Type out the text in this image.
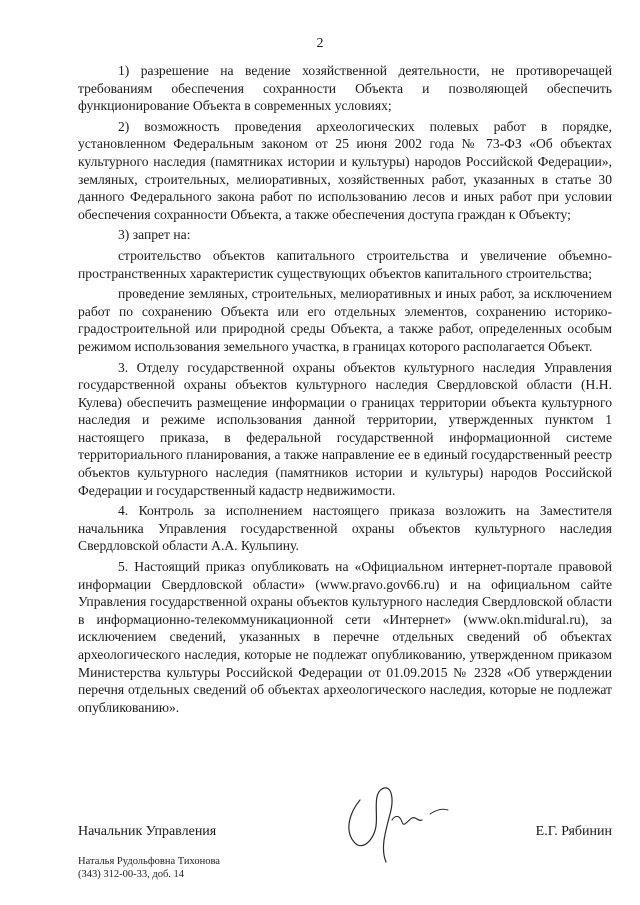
2

1) разрешение на ведение хозяйственной деятельности, не противоречащей требованиям обеспечения сохранности Объекта и позволяющей обеспечить функционирование Объекта в современных условиях;

2) возможность проведения археологических полевых работ в порядке, установленном Федеральным законом от 25 июня 2002 года № 73-ФЗ «Об объектах культурного наследия (памятниках истории и культуры) народов Российской Федерации», земляных, строительных, мелиоративных, хозяйственных работ, указанных в статье 30 данного Федерального закона работ по использованию лесов и иных работ при условии обеспечения сохранности Объекта, а также обеспечения доступа граждан к Объекту;

3) запрет на:

строительство объектов капитального строительства и увеличение объемно-пространственных характеристик существующих объектов капитального строительства;

проведение земляных, строительных, мелиоративных и иных работ, за исключением работ по сохранению Объекта или его отдельных элементов, сохранению историко-градостроительной или природной среды Объекта, а также работ, определенных особым режимом использования земельного участка, в границах которого располагается Объект.

3. Отделу государственной охраны объектов культурного наследия Управления государственной охраны объектов культурного наследия Свердловской области (Н.Н. Кулева) обеспечить размещение информации о границах территории объекта культурного наследия и режиме использования данной территории, утвержденных пунктом 1 настоящего приказа, в федеральной государственной информационной системе территориального планирования, а также направление ее в единый государственный реестр объектов культурного наследия (памятников истории и культуры) народов Российской Федерации и государственный кадастр недвижимости.

4. Контроль за исполнением настоящего приказа возложить на Заместителя начальника Управления государственной охраны объектов культурного наследия Свердловской области А.А. Кульпину.

5. Настоящий приказ опубликовать на «Официальном интернет-портале правовой информации Свердловской области» (www.pravo.gov66.ru) и на официальном сайте Управления государственной охраны объектов культурного наследия Свердловской области в информационно-телекоммуникационной сети «Интернет» (www.okn.midural.ru), за исключением сведений, указанных в перечне отдельных сведений об объектах археологического наследия, которые не подлежат опубликованию, утвержденном приказом Министерства культуры Российской Федерации от 01.09.2015 № 2328 «Об утверждении перечня отдельных сведений об объектах археологического наследия, которые не подлежат опубликованию».

Начальник Управления	Е.Г. Рябинин
Наталья Рудольфовна Тихонова
(343) 312-00-33, доб. 14
